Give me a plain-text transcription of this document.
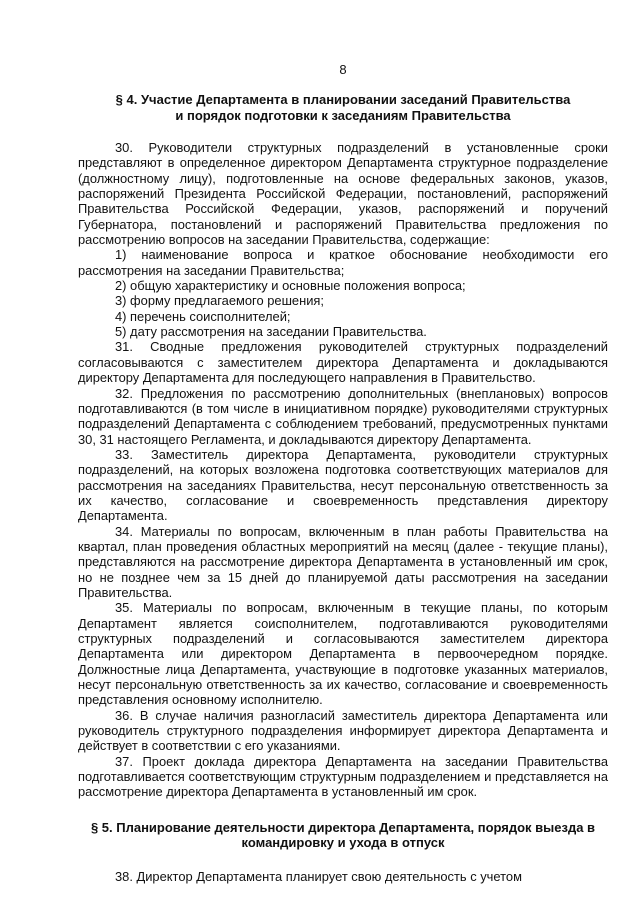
8
§ 4. Участие Департамента в планировании заседаний Правительства
и порядок подготовки к заседаниям Правительства

30. Руководители структурных подразделений в установленные сроки представляют в определенное директором Департамента структурное подразделение (должностному лицу), подготовленные на основе федеральных законов, указов, распоряжений Президента Российской Федерации, постановлений, распоряжений Правительства Российской Федерации, указов, распоряжений и поручений Губернатора, постановлений и распоряжений Правительства предложения по рассмотрению вопросов на заседании Правительства, содержащие:

1) наименование вопроса и краткое обоснование необходимости его рассмотрения на заседании Правительства;

2) общую характеристику и основные положения вопроса;

3) форму предлагаемого решения;

4) перечень соисполнителей;

5) дату рассмотрения на заседании Правительства.

31. Сводные предложения руководителей структурных подразделений согласовываются с заместителем директора Департамента и докладываются директору Департамента для последующего направления в Правительство.

32. Предложения по рассмотрению дополнительных (внеплановых) вопросов подготавливаются (в том числе в инициативном порядке) руководителями структурных подразделений Департамента с соблюдением требований, предусмотренных пунктами 30, 31 настоящего Регламента, и докладываются директору Департамента.

33. Заместитель директора Департамента, руководители структурных подразделений, на которых возложена подготовка соответствующих материалов для рассмотрения на заседаниях Правительства, несут персональную ответственность за их качество, согласование и своевременность представления директору Департамента.

34. Материалы по вопросам, включенным в план работы Правительства на квартал, план проведения областных мероприятий на месяц (далее - текущие планы), представляются на рассмотрение директора Департамента в установленный им срок, но не позднее чем за 15 дней до планируемой даты рассмотрения на заседании Правительства.

35. Материалы по вопросам, включенным в текущие планы, по которым Департамент является соисполнителем, подготавливаются руководителями структурных подразделений и согласовываются заместителем директора Департамента или директором Департамента в первоочередном порядке. Должностные лица Департамента, участвующие в подготовке указанных материалов, несут персональную ответственность за их качество, согласование и своевременность представления основному исполнителю.

36. В случае наличия разногласий заместитель директора Департамента или руководитель структурного подразделения информирует директора Департамента и действует в соответствии с его указаниями.

37. Проект доклада директора Департамента на заседании Правительства подготавливается соответствующим структурным подразделением и представляется на рассмотрение директора Департамента в установленный им срок.

§ 5. Планирование деятельности директора Департамента, порядок выезда в
командировку и ухода в отпуск

38. Директор Департамента планирует свою деятельность с учетом
